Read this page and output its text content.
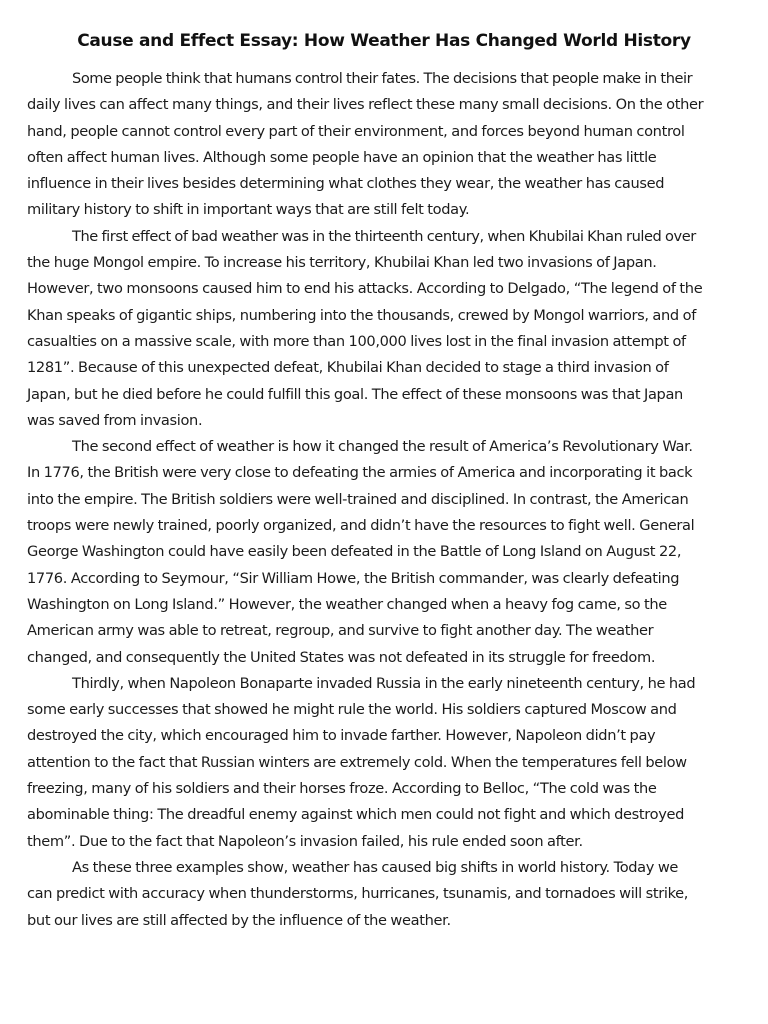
Cause and Effect Essay: How Weather Has Changed World History

Some people think that humans control their fates. The decisions that people make in their
daily lives can affect many things, and their lives reflect these many small decisions. On the other
hand, people cannot control every part of their environment, and forces beyond human control
often affect human lives. Although some people have an opinion that the weather has little
influence in their lives besides determining what clothes they wear, the weather has caused
military history to shift in important ways that are still felt today.

The first effect of bad weather was in the thirteenth century, when Khubilai Khan ruled over
the huge Mongol empire. To increase his territory, Khubilai Khan led two invasions of Japan.
However, two monsoons caused him to end his attacks. According to Delgado, “The legend of the
Khan speaks of gigantic ships, numbering into the thousands, crewed by Mongol warriors, and of
casualties on a massive scale, with more than 100,000 lives lost in the final invasion attempt of
1281”. Because of this unexpected defeat, Khubilai Khan decided to stage a third invasion of
Japan, but he died before he could fulfill this goal. The effect of these monsoons was that Japan
was saved from invasion.

The second effect of weather is how it changed the result of America’s Revolutionary War.
In 1776, the British were very close to defeating the armies of America and incorporating it back
into the empire. The British soldiers were well-trained and disciplined. In contrast, the American
troops were newly trained, poorly organized, and didn’t have the resources to fight well. General
George Washington could have easily been defeated in the Battle of Long Island on August 22,
1776. According to Seymour, “Sir William Howe, the British commander, was clearly defeating
Washington on Long Island.” However, the weather changed when a heavy fog came, so the
American army was able to retreat, regroup, and survive to fight another day. The weather
changed, and consequently the United States was not defeated in its struggle for freedom.

Thirdly, when Napoleon Bonaparte invaded Russia in the early nineteenth century, he had
some early successes that showed he might rule the world. His soldiers captured Moscow and
destroyed the city, which encouraged him to invade farther. However, Napoleon didn’t pay
attention to the fact that Russian winters are extremely cold. When the temperatures fell below
freezing, many of his soldiers and their horses froze. According to Belloc, “The cold was the
abominable thing: The dreadful enemy against which men could not fight and which destroyed
them”. Due to the fact that Napoleon’s invasion failed, his rule ended soon after.

As these three examples show, weather has caused big shifts in world history. Today we
can predict with accuracy when thunderstorms, hurricanes, tsunamis, and tornadoes will strike,
but our lives are still affected by the influence of the weather.
